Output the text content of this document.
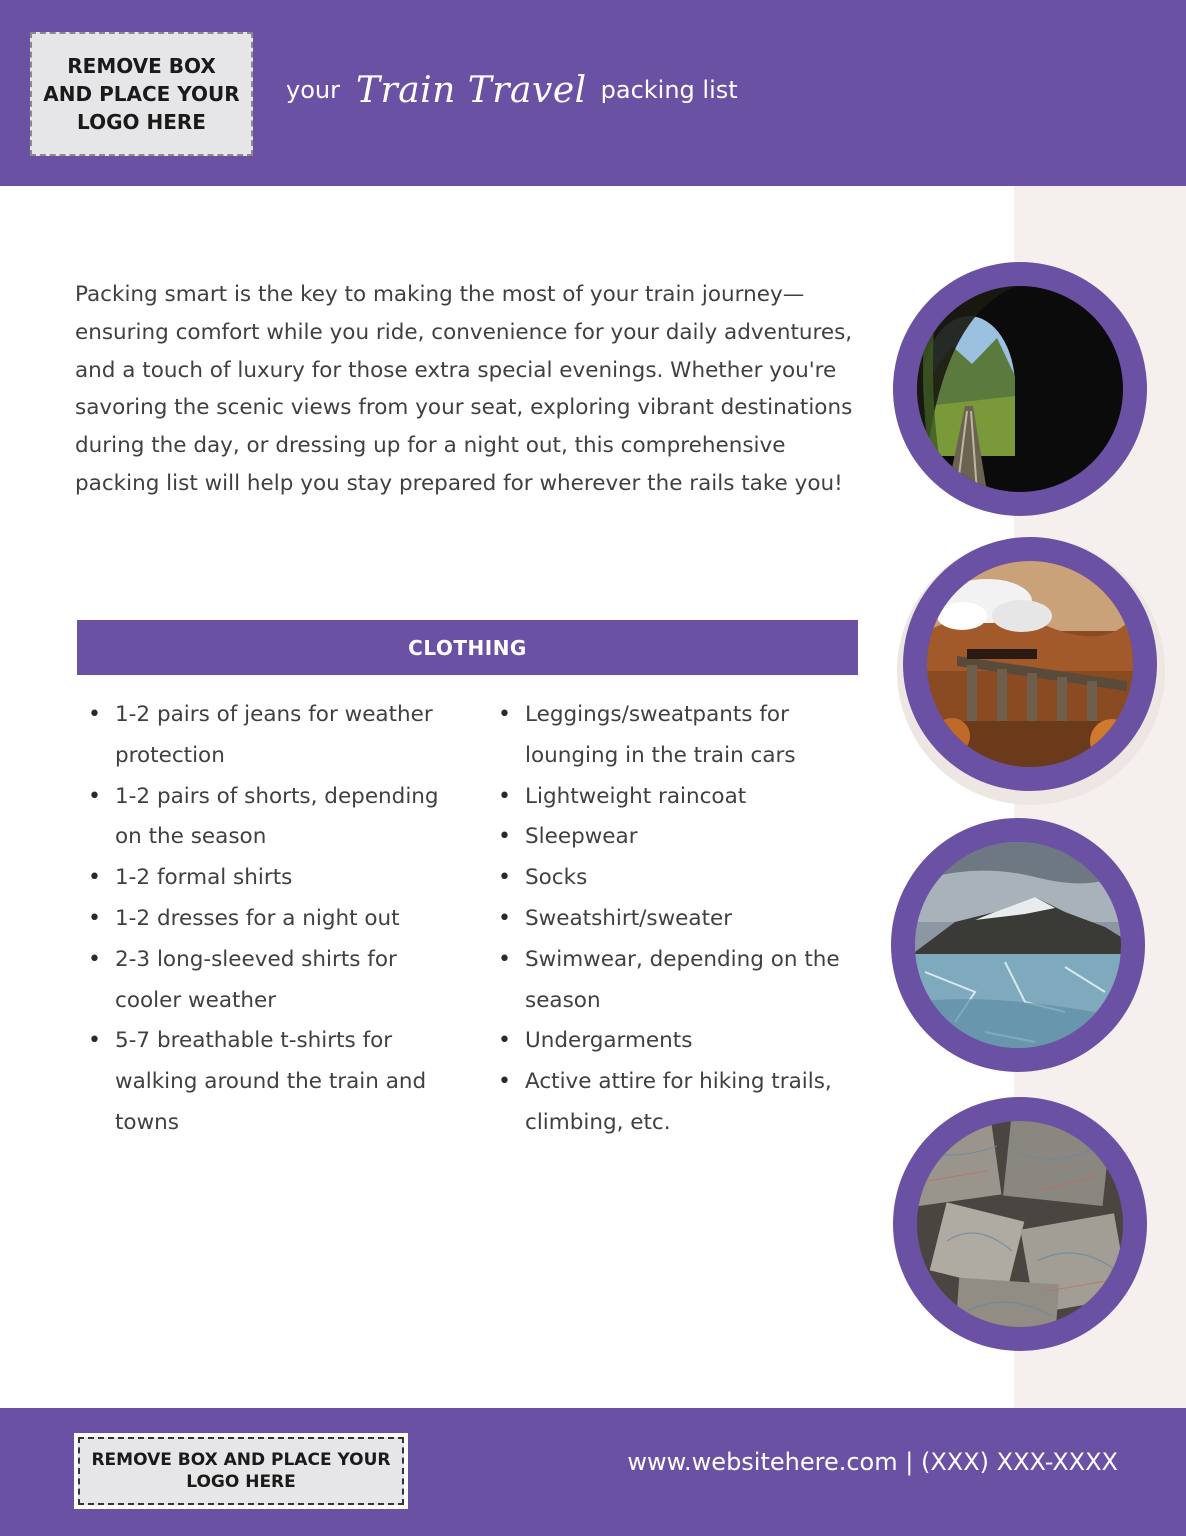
REMOVE BOX AND PLACE YOUR LOGO HERE
your Train Travel packing list

Packing smart is the key to making the most of your train journey—ensuring comfort while you ride, convenience for your daily adventures, and a touch of luxury for those extra special evenings. Whether you're savoring the scenic views from your seat, exploring vibrant destinations during the day, or dressing up for a night out, this comprehensive packing list will help you stay prepared for wherever the rails take you!

CLOTHING
• 1-2 pairs of jeans for weather protection
• 1-2 pairs of shorts, depending on the season
• 1-2 formal shirts
• 1-2 dresses for a night out
• 2-3 long-sleeved shirts for cooler weather
• 5-7 breathable t-shirts for walking around the train and towns
• Leggings/sweatpants for lounging in the train cars
• Lightweight raincoat
• Sleepwear
• Socks
• Sweatshirt/sweater
• Swimwear, depending on the season
• Undergarments
• Active attire for hiking trails, climbing, etc.
REMOVE BOX AND PLACE YOUR LOGO HERE
www.websitehere.com | (XXX) XXX-XXXX
